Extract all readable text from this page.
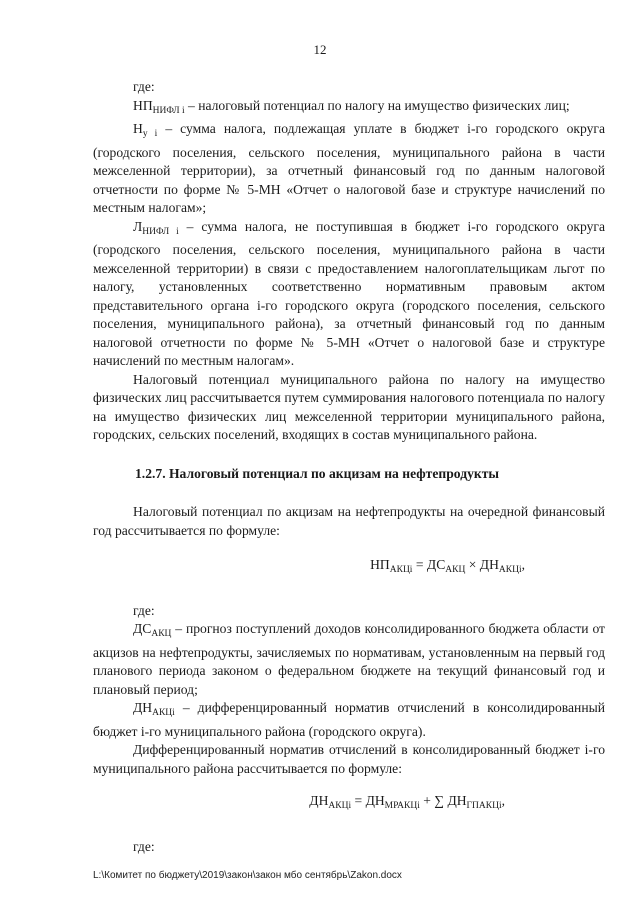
12

где:

$НП_{НИФЛ i}$ – налоговый потенциал по налогу на имущество физических лиц;

$Н_{у i}$ – сумма налога, подлежащая уплате в бюджет i-го городского округа (городского поселения, сельского поселения, муниципального района в части межселенной территории), за отчетный финансовый год по данным налоговой отчетности по форме № 5-МН «Отчет о налоговой базе и структуре начислений по местным налогам»;

$Л_{НИФЛ i}$ – сумма налога, не поступившая в бюджет i-го городского округа (городского поселения, сельского поселения, муниципального района в части межселенной территории) в связи с предоставлением налогоплательщикам льгот по налогу, установленных соответственно нормативным правовым актом представительного органа i-го городского округа (городского поселения, сельского поселения, муниципального района), за отчетный финансовый год по данным налоговой отчетности по форме № 5-МН «Отчет о налоговой базе и структуре начислений по местным налогам».

Налоговый потенциал муниципального района по налогу на имущество физических лиц рассчитывается путем суммирования налогового потенциала по налогу на имущество физических лиц межселенной территории муниципального района, городских, сельских поселений, входящих в состав муниципального района.

1.2.7. Налоговый потенциал по акцизам на нефтепродукты

Налоговый потенциал по акцизам на нефтепродукты на очередной финансовый год рассчитывается по формуле:

$НП_{АКЦi} = ДС_{АКЦ} \times ДН_{АКЦi}$,

где:

$ДС_{АКЦ}$ – прогноз поступлений доходов консолидированного бюджета области от акцизов на нефтепродукты, зачисляемых по нормативам, установленным на первый год планового периода законом о федеральном бюджете на текущий финансовый год и плановый период;

$ДН_{АКЦi}$ – дифференцированный норматив отчислений в консолидированный бюджет i-го муниципального района (городского округа).

Дифференцированный норматив отчислений в консолидированный бюджет i-го муниципального района рассчитывается по формуле:

$ДН_{АКЦi} = ДН_{МРАКЦi}$ + ∑ $ДН_{ГПАКЦi}$,

где:

L:\Комитет по бюджету\2019\закон\закон мбо сентябрь\Zakon.docx
